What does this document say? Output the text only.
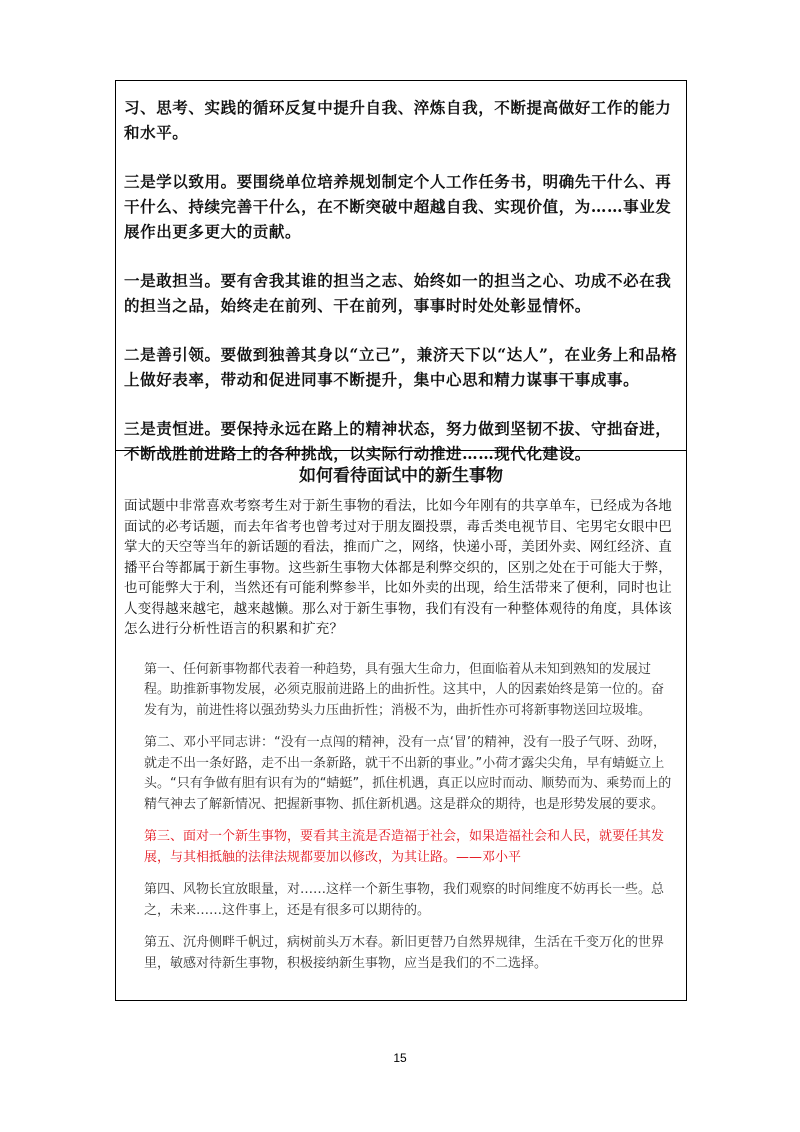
习、思考、实践的循环反复中提升自我、淬炼自我，不断提高做好工作的能力和水平。

三是学以致用。要围绕单位培养规划制定个人工作任务书，明确先干什么、再干什么、持续完善干什么，在不断突破中超越自我、实现价值，为……事业发展作出更多更大的贡献。

一是敢担当。要有舍我其谁的担当之志、始终如一的担当之心、功成不必在我的担当之品，始终走在前列、干在前列，事事时时处处彰显情怀。

二是善引领。要做到独善其身以“立己”，兼济天下以“达人”，在业务上和品格上做好表率，带动和促进同事不断提升，集中心思和精力谋事干事成事。

三是责恒进。要保持永远在路上的精神状态，努力做到坚韧不拔、守拙奋进，不断战胜前进路上的各种挑战，以实际行动推进……现代化建设。

如何看待面试中的新生事物

面试题中非常喜欢考察考生对于新生事物的看法，比如今年刚有的共享单车，已经成为各地面试的必考话题，而去年省考也曾考过对于朋友圈投票，毒舌类电视节目、宅男宅女眼中巴掌大的天空等当年的新话题的看法，推而广之，网络，快递小哥，美团外卖、网红经济、直播平台等都属于新生事物。这些新生事物大体都是利弊交织的，区别之处在于可能大于弊，也可能弊大于利，当然还有可能利弊参半，比如外卖的出现，给生活带来了便利，同时也让人变得越来越宅，越来越懒。那么对于新生事物，我们有没有一种整体观待的角度，具体该怎么进行分析性语言的积累和扩充？

第一、任何新事物都代表着一种趋势，具有强大生命力，但面临着从未知到熟知的发展过程。助推新事物发展，必须克服前进路上的曲折性。这其中，人的因素始终是第一位的。奋发有为，前进性将以强劲势头力压曲折性；消极不为，曲折性亦可将新事物送回垃圾堆。

第二、邓小平同志讲：“没有一点闯的精神，没有一点‘冒’的精神，没有一股子气呀、劲呀，就走不出一条好路，走不出一条新路，就干不出新的事业。”小荷才露尖尖角，早有蜻蜓立上头。“只有争做有胆有识有为的“蜻蜓”，抓住机遇，真正以应时而动、顺势而为、乘势而上的精气神去了解新情况、把握新事物、抓住新机遇。这是群众的期待，也是形势发展的要求。

第三、面对一个新生事物，要看其主流是否造福于社会，如果造福社会和人民，就要任其发展，与其相抵触的法律法规都要加以修改，为其让路。——邓小平

第四、风物长宜放眼量，对……这样一个新生事物，我们观察的时间维度不妨再长一些。总之，未来……这件事上，还是有很多可以期待的。

第五、沉舟侧畔千帆过，病树前头万木春。新旧更替乃自然界规律，生活在千变万化的世界里，敏感对待新生事物，积极接纳新生事物，应当是我们的不二选择。

15
